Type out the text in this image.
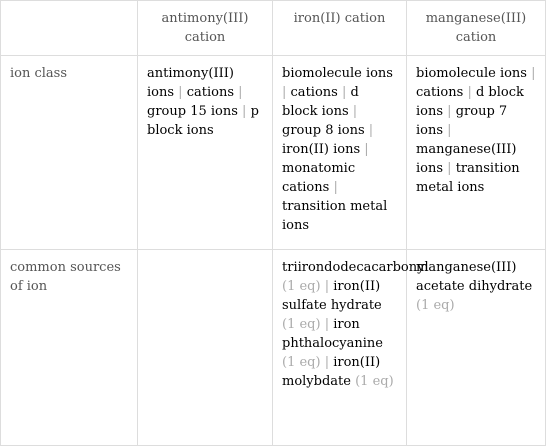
	antimony(III) cation	iron(II) cation	manganese(III) cation
ion class	antimony(III) ions | cations | group 15 ions | p block ions	biomolecule ions | cations | d block ions | group 8 ions | iron(II) ions | monatomic cations | transition metal ions	biomolecule ions | cations | d block ions | group 7 ions | manganese(III) ions | transition metal ions
common sources of ion		triirondodecacarbonyl (1 eq) | iron(II) sulfate hydrate (1 eq) | iron phthalocyanine (1 eq) | iron(II) molybdate (1 eq)	manganese(III) acetate dihydrate (1 eq)
